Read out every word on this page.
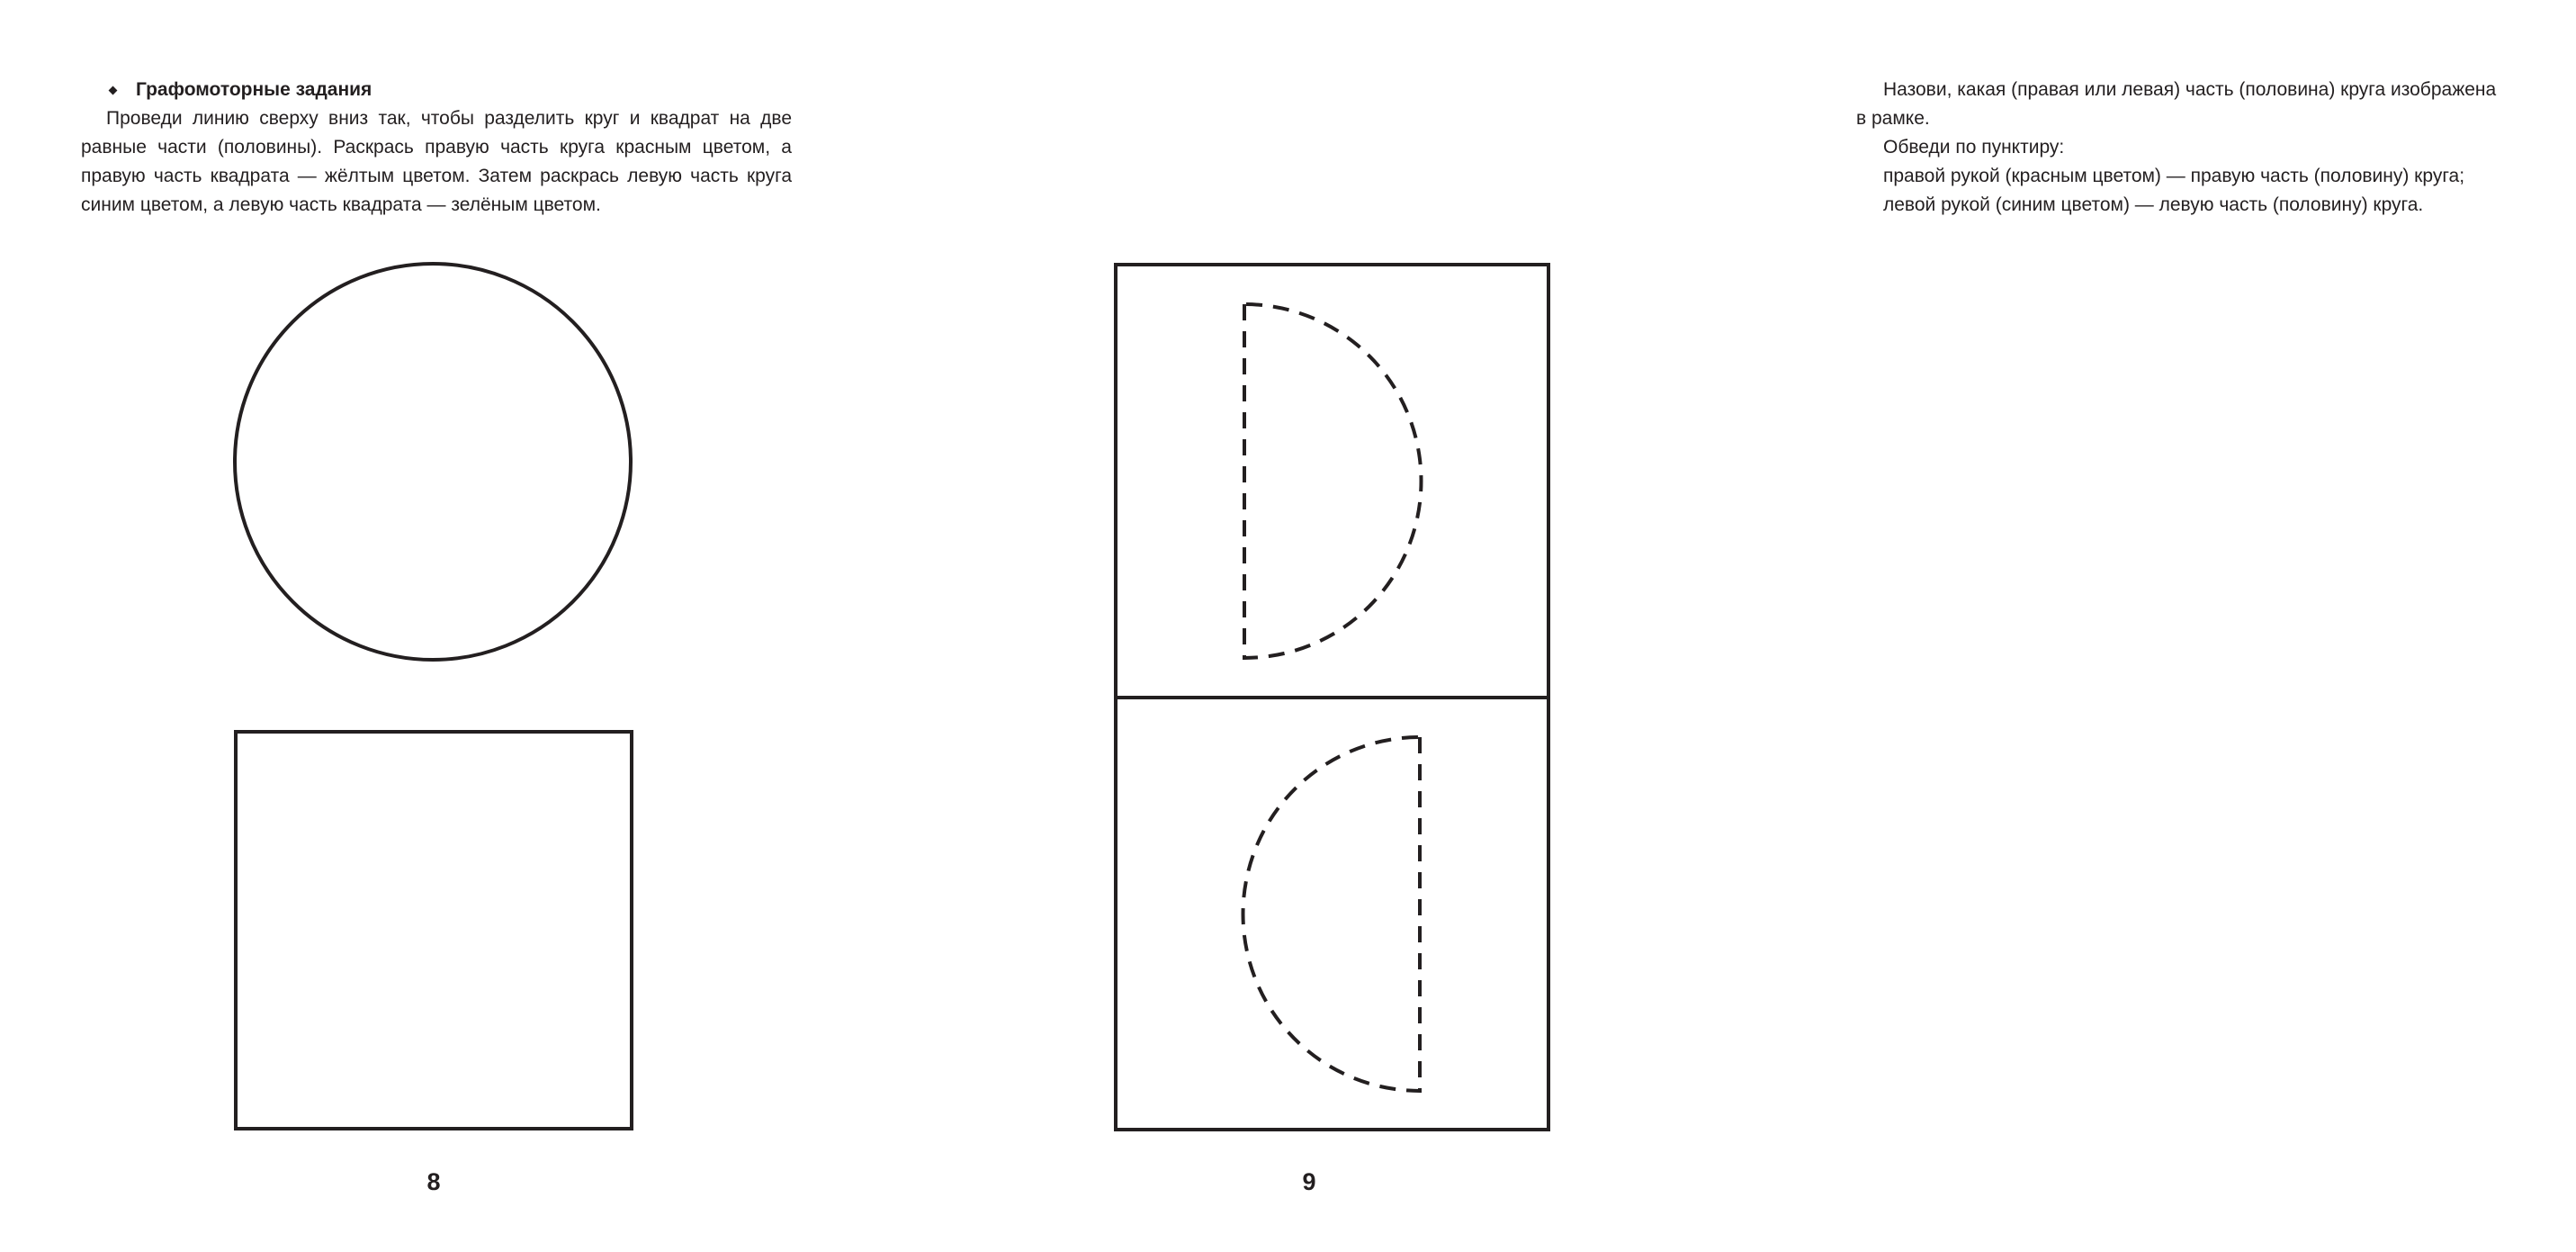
Графомоторные задания

Проведи линию сверху вниз так, чтобы разделить круг и квадрат на две равные части (половины). Раскрась правую часть круга красным цветом, а правую часть квадрата — жёлтым цветом. Затем раскрась левую часть круга синим цветом, а левую часть квадрата — зелёным цветом.

8

Назови, какая (правая или левая) часть (половина) круга изображена

в рамке.

Обведи по пунктиру:

правой рукой (красным цветом) — правую часть (половину) круга;

левой рукой (синим цветом) — левую часть (половину) круга.

9
